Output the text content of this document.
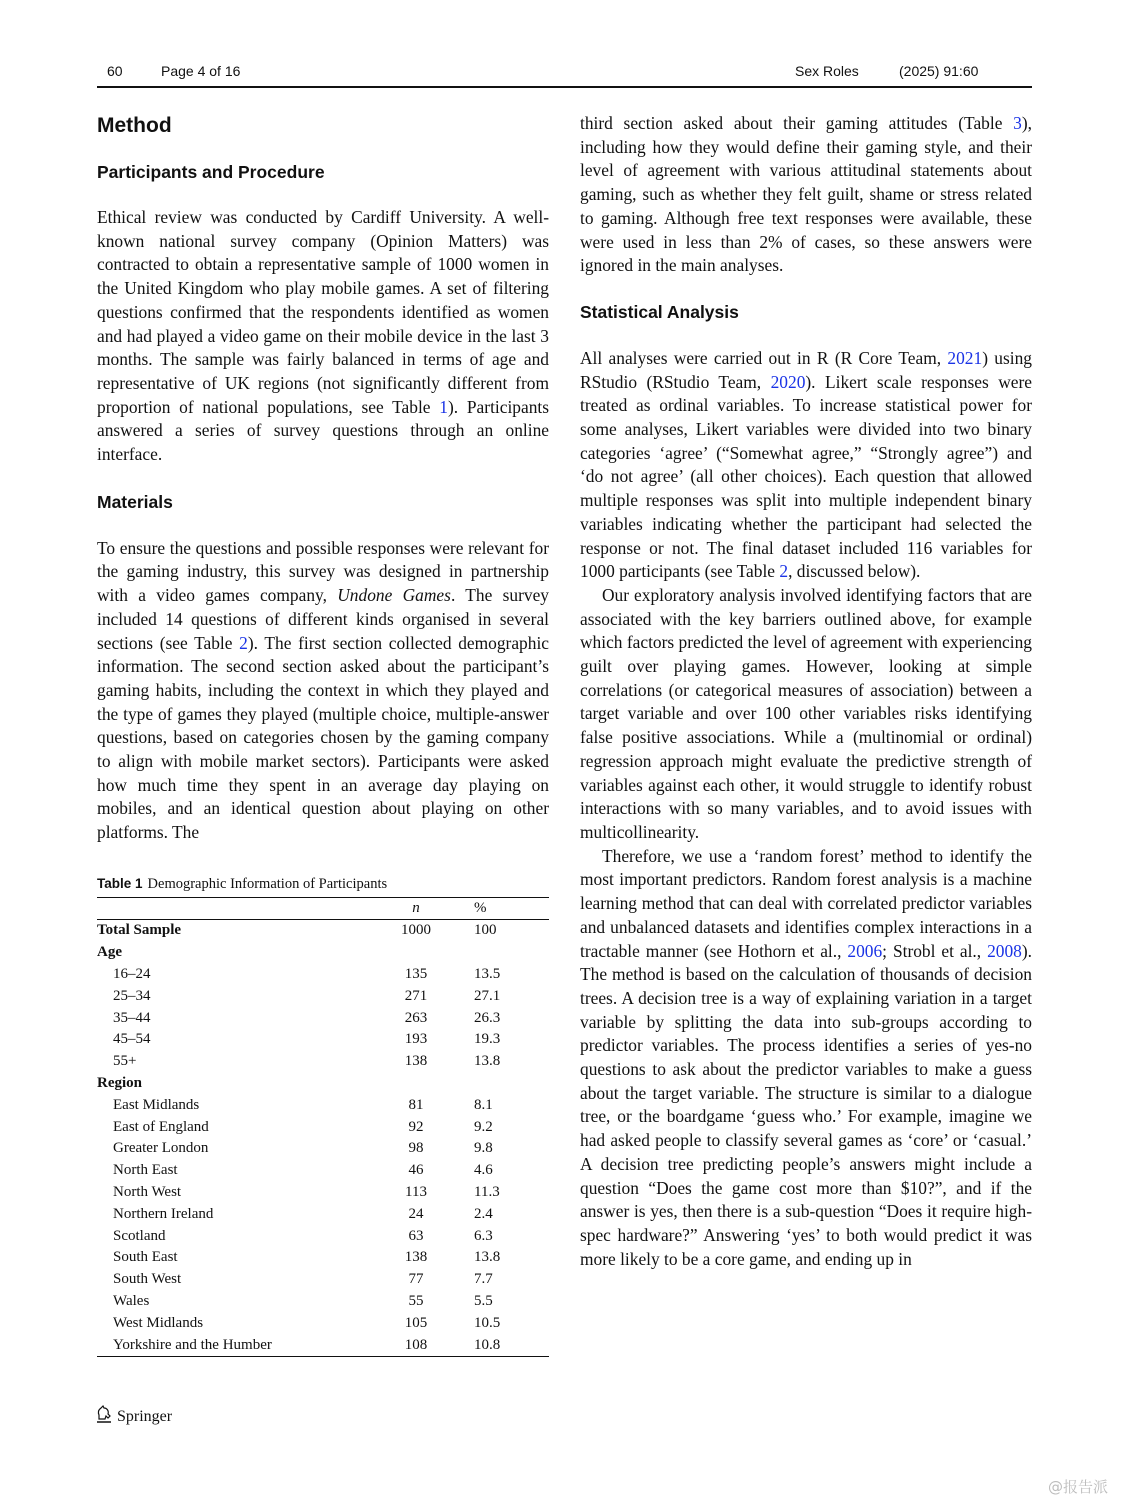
60	Page 4 of 16	Sex Roles	(2025) 91:60
Method
Participants and Procedure

Ethical review was conducted by Cardiff University. A well-known national survey company (Opinion Matters) was contracted to obtain a representative sample of 1000 women in the United Kingdom who play mobile games. A set of filtering questions confirmed that the respondents identified as women and had played a video game on their mobile device in the last 3 months. The sample was fairly balanced in terms of age and representative of UK regions (not significantly different from proportion of national populations, see Table 1). Participants answered a series of survey questions through an online interface.

Materials

To ensure the questions and possible responses were relevant for the gaming industry, this survey was designed in partnership with a video games company, Undone Games. The survey included 14 questions of different kinds organised in several sections (see Table 2). The first section collected demographic information. The second section asked about the participant’s gaming habits, including the context in which they played and the type of games they played (multiple choice, multiple-answer questions, based on categories chosen by the gaming company to align with mobile market sectors). Participants were asked how much time they spent in an average day playing on mobiles, and an identical question about playing on other platforms. The

Table 1 Demographic Information of Participants
	n	%
Total Sample	1000	100
Age		
16–24	135	13.5
25–34	271	27.1
35–44	263	26.3
45–54	193	19.3
55+	138	13.8
Region		
East Midlands	81	8.1
East of England	92	9.2
Greater London	98	9.8
North East	46	4.6
North West	113	11.3
Northern Ireland	24	2.4
Scotland	63	6.3
South East	138	13.8
South West	77	7.7
Wales	55	5.5
West Midlands	105	10.5
Yorkshire and the Humber	108	10.8

third section asked about their gaming attitudes (Table 3), including how they would define their gaming style, and their level of agreement with various attitudinal statements about gaming, such as whether they felt guilt, shame or stress related to gaming. Although free text responses were available, these were used in less than 2% of cases, so these answers were ignored in the main analyses.

Statistical Analysis

All analyses were carried out in R (R Core Team, 2021) using RStudio (RStudio Team, 2020). Likert scale responses were treated as ordinal variables. To increase statistical power for some analyses, Likert variables were divided into two binary categories ‘agree’ (“Somewhat agree,” “Strongly agree”) and ‘do not agree’ (all other choices). Each question that allowed multiple responses was split into multiple independent binary variables indicating whether the participant had selected the response or not. The final dataset included 116 variables for 1000 participants (see Table 2, discussed below).

Our exploratory analysis involved identifying factors that are associated with the key barriers outlined above, for example which factors predicted the level of agreement with experiencing guilt over playing games. However, looking at simple correlations (or categorical measures of association) between a target variable and over 100 other variables risks identifying false positive associations. While a (multinomial or ordinal) regression approach might evaluate the predictive strength of variables against each other, it would struggle to identify robust interactions with so many variables, and to avoid issues with multicollinearity.

Therefore, we use a ‘random forest’ method to identify the most important predictors. Random forest analysis is a machine learning method that can deal with correlated predictor variables and unbalanced datasets and identifies complex interactions in a tractable manner (see Hothorn et al., 2006; Strobl et al., 2008). The method is based on the calculation of thousands of decision trees. A decision tree is a way of explaining variation in a target variable by splitting the data into sub-groups according to predictor variables. The process identifies a series of yes-no questions to ask about the predictor variables to make a guess about the target variable. The structure is similar to a dialogue tree, or the boardgame ‘guess who.’ For example, imagine we had asked people to classify several games as ‘core’ or ‘casual.’ A decision tree predicting people’s answers might include a question “Does the game cost more than $10?”, and if the answer is yes, then there is a sub-question “Does it require high-spec hardware?” Answering ‘yes’ to both would predict it was more likely to be a core game, and ending up in

Springer
@报告派
